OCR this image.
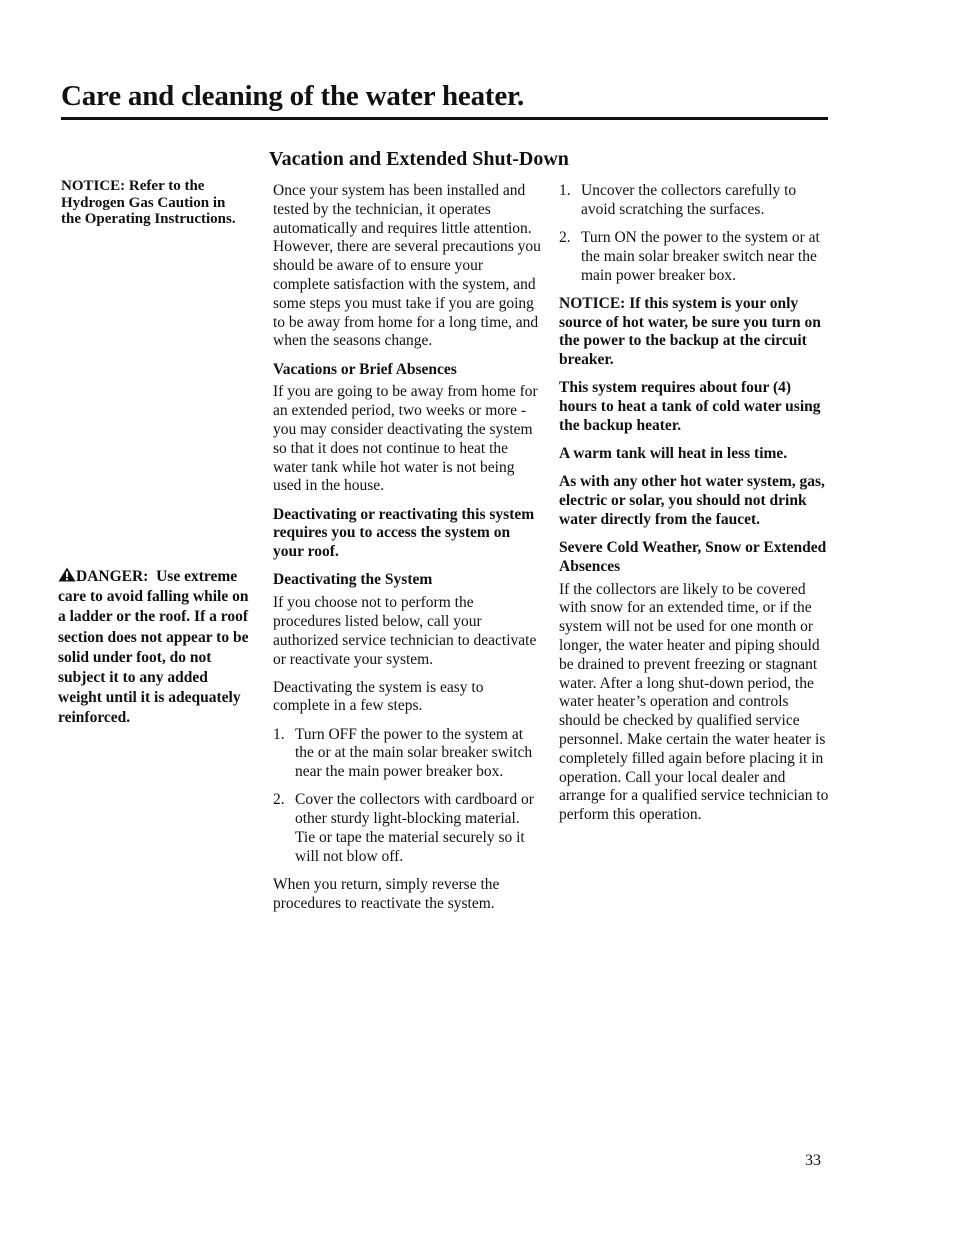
Care and cleaning of the water heater.
Vacation and Extended Shut-Down
NOTICE: Refer to the Hydrogen Gas Caution in the Operating Instructions.
DANGER: Use extreme care to avoid falling while on a ladder or the roof. If a roof section does not appear to be solid under foot, do not subject it to any added weight until it is adequately reinforced.

Once your system has been installed and tested by the technician, it operates automatically and requires little attention. However, there are several precautions you should be aware of to ensure your complete satisfaction with the system, and some steps you must take if you are going to be away from home for a long time, and when the seasons change.

Vacations or Brief Absences

If you are going to be away from home for an extended period, two weeks or more - you may consider deactivating the system so that it does not continue to heat the water tank while hot water is not being used in the house.

Deactivating or reactivating this system requires you to access the system on your roof.

Deactivating the System

If you choose not to perform the procedures listed below, call your authorized service technician to deactivate or reactivate your system.

Deactivating the system is easy to complete in a few steps.

1. Turn OFF the power to the system at the or at the main solar breaker switch near the main power breaker box.
2. Cover the collectors with cardboard or other sturdy light-blocking material. Tie or tape the material securely so it will not blow off.

When you return, simply reverse the procedures to reactivate the system.

1. Uncover the collectors carefully to avoid scratching the surfaces.
2. Turn ON the power to the system or at the main solar breaker switch near the main power breaker box.

NOTICE: If this system is your only source of hot water, be sure you turn on the power to the backup at the circuit breaker.

This system requires about four (4) hours to heat a tank of cold water using the backup heater.

A warm tank will heat in less time.

As with any other hot water system, gas, electric or solar, you should not drink water directly from the faucet.

Severe Cold Weather, Snow or Extended Absences

If the collectors are likely to be covered with snow for an extended time, or if the system will not be used for one month or longer, the water heater and piping should be drained to prevent freezing or stagnant water. After a long shut-down period, the water heater’s operation and controls should be checked by qualified service personnel. Make certain the water heater is completely filled again before placing it in operation. Call your local dealer and arrange for a qualified service technician to perform this operation.

33
